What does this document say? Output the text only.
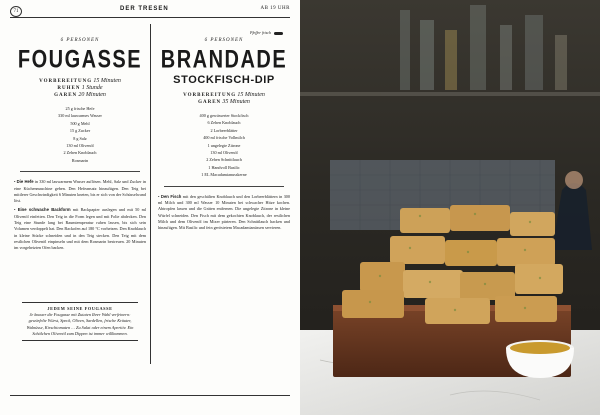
71	DER TRESEN	AB 19 UHR
Pfeffer frisch
6 PERSONEN
FOUGASSE
VORBEREITUNG 15 Minuten
RUHEN 1 Stunde
GAREN 20 Minuten
25 g frische Hefe
330 ml lauwarmes Wasser
500 g Mehl
15 g Zucker
8 g Salz
130 ml Olivenöl
2 Zehen Knoblauch
Rosmarin

• Die Hefe in 330 ml lauwarmem Wasser auflösen. Mehl, Salz und Zucker in eine Küchenmaschine geben. Den Hefeansatz hinzufügen. Den Teig bei mittlerer Geschwindigkeit 6 Minuten kneten, bis er sich von der Schüsselwand löst.

• Eine schwache Backform mit Backpapier auslegen und mit 50 ml Olivenöl einfetten. Den Teig in die Form legen und mit Folie abdecken. Den Teig eine Stunde lang bei Raumtemperatur ruhen lassen, bis sich sein Volumen verdoppelt hat. Den Backofen auf 180 °C vorheizen. Den Knoblauch in kleine Stücke schneiden und in den Teig stecken. Den Teig mit dem restlichen Olivenöl einpinseln und mit dem Rosmarin bestreuen. 20 Minuten im vorgeheizten Ofen backen.

JEDEM SEINE FOUGASSE
Je knauer die Fougasse mit Zutaten Ihrer Wahl verfeinern: gewürfelte Würst, Speck, Oliven, Sardellen, frische Kräuter, Walnüsse, Kirschtomaten … Zu Salat oder einem Aperitiv. Ein Schälchen Olivenöl zum Dippen ist immer willkommen.
6 PERSONEN
BRANDADE
STOCKFISCH-DIP
VORBEREITUNG 15 Minuten
GAREN 35 Minuten
400 g gewässerter Stockfisch
6 Zehen Knoblauch
2 Lorbeerblätter
400 ml frische Vollmilch
1 ungelegte Zitrone
130 ml Olivenöl
2 Zehen Schnittlauch
1 Handvoll Basilic
1 EL Macadamianusskerne

• Den Fisch mit den geschälten Knoblauch und den Lorbeerblättern in 300 ml Milch und 300 ml Wasser 10 Minuten bei schwacher Hitze kochen. Abtropfen lassen und die Gräten entfernen. Die ungelegte Zitrone in kleine Würfel schneiden. Den Fisch mit dem gekochten Knoblauch, der restlichen Milch und dem Olivenöl im Mixer pürieren. Den Schnittlauch hacken und hinzufügen. Mit Basilic und fein geröstetem Macadamianüssen servieren.
